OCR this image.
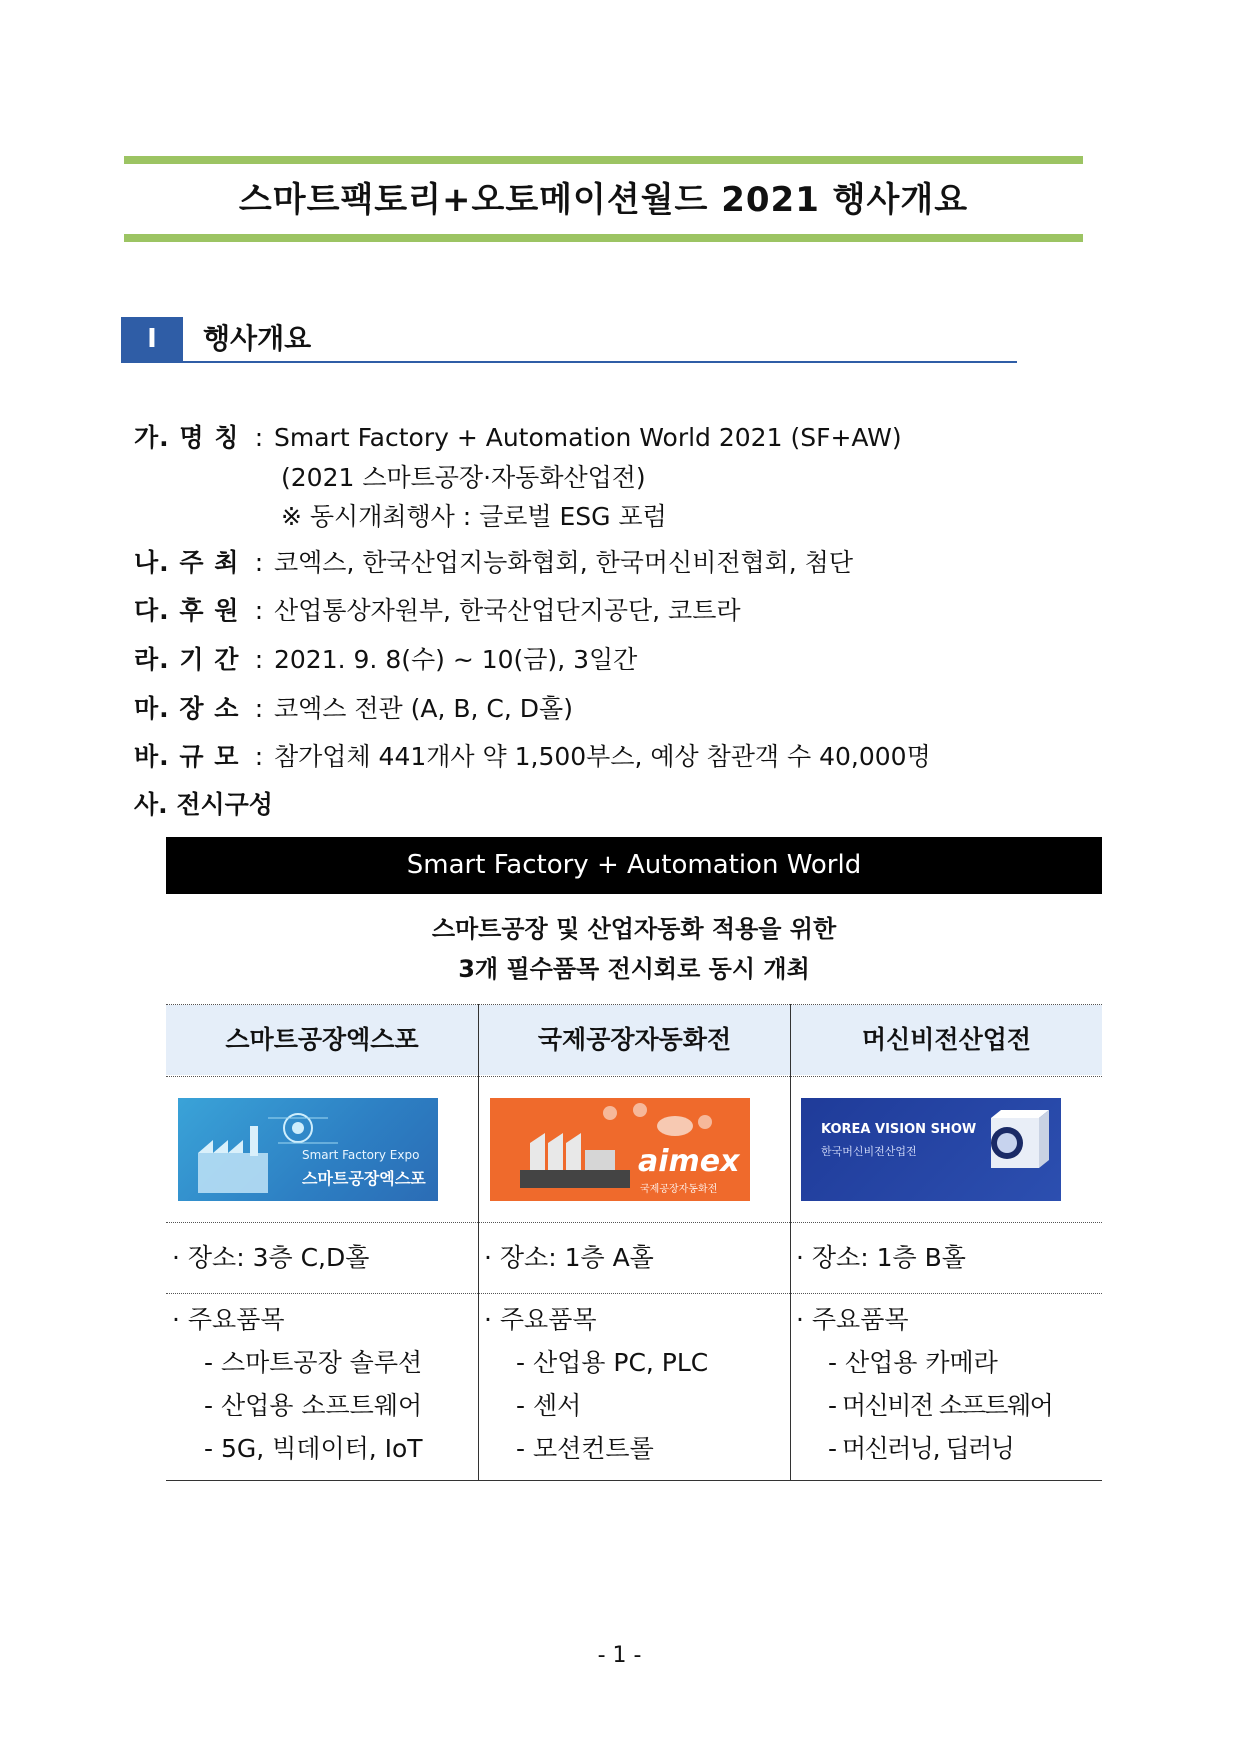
스마트팩토리+오토메이션월드 2021 행사개요
Ⅰ	행사개요
가. 명 칭 : Smart Factory + Automation World 2021 (SF+AW)
(2021 스마트공장·자동화산업전)
※ 동시개최행사 : 글로벌 ESG 포럼
나. 주 최 : 코엑스, 한국산업지능화협회, 한국머신비전협회, 첨단
다. 후 원 : 산업통상자원부, 한국산업단지공단, 코트라
라. 기 간 : 2021. 9. 8(수) ~ 10(금), 3일간
마. 장 소 : 코엑스 전관 (A, B, C, D홀)
바. 규 모 : 참가업체 441개사 약 1,500부스, 예상 참관객 수 40,000명
사. 전시구성
Smart Factory + Automation World
스마트공장 및 산업자동화 적용을 위한
3개 필수품목 전시회로 동시 개최
스마트공장엑스포	국제공장자동화전	머신비전산업전
Smart Factory Expo
스마트공장엑스포	aimex
국제공장자동화전
KOREA VISION SHOW
한국머신비전산업전
· 장소: 3층 C,D홀	· 장소: 1층 A홀	· 장소: 1층 B홀
· 주요품목
- 스마트공장 솔루션
- 산업용 소프트웨어
- 5G, 빅데이터, IoT
· 주요품목
- 산업용 PC, PLC
- 센서
- 모션컨트롤
· 주요품목
- 산업용 카메라
- 머신비전 소프트웨어
- 머신러닝, 딥러닝
- 1 -
